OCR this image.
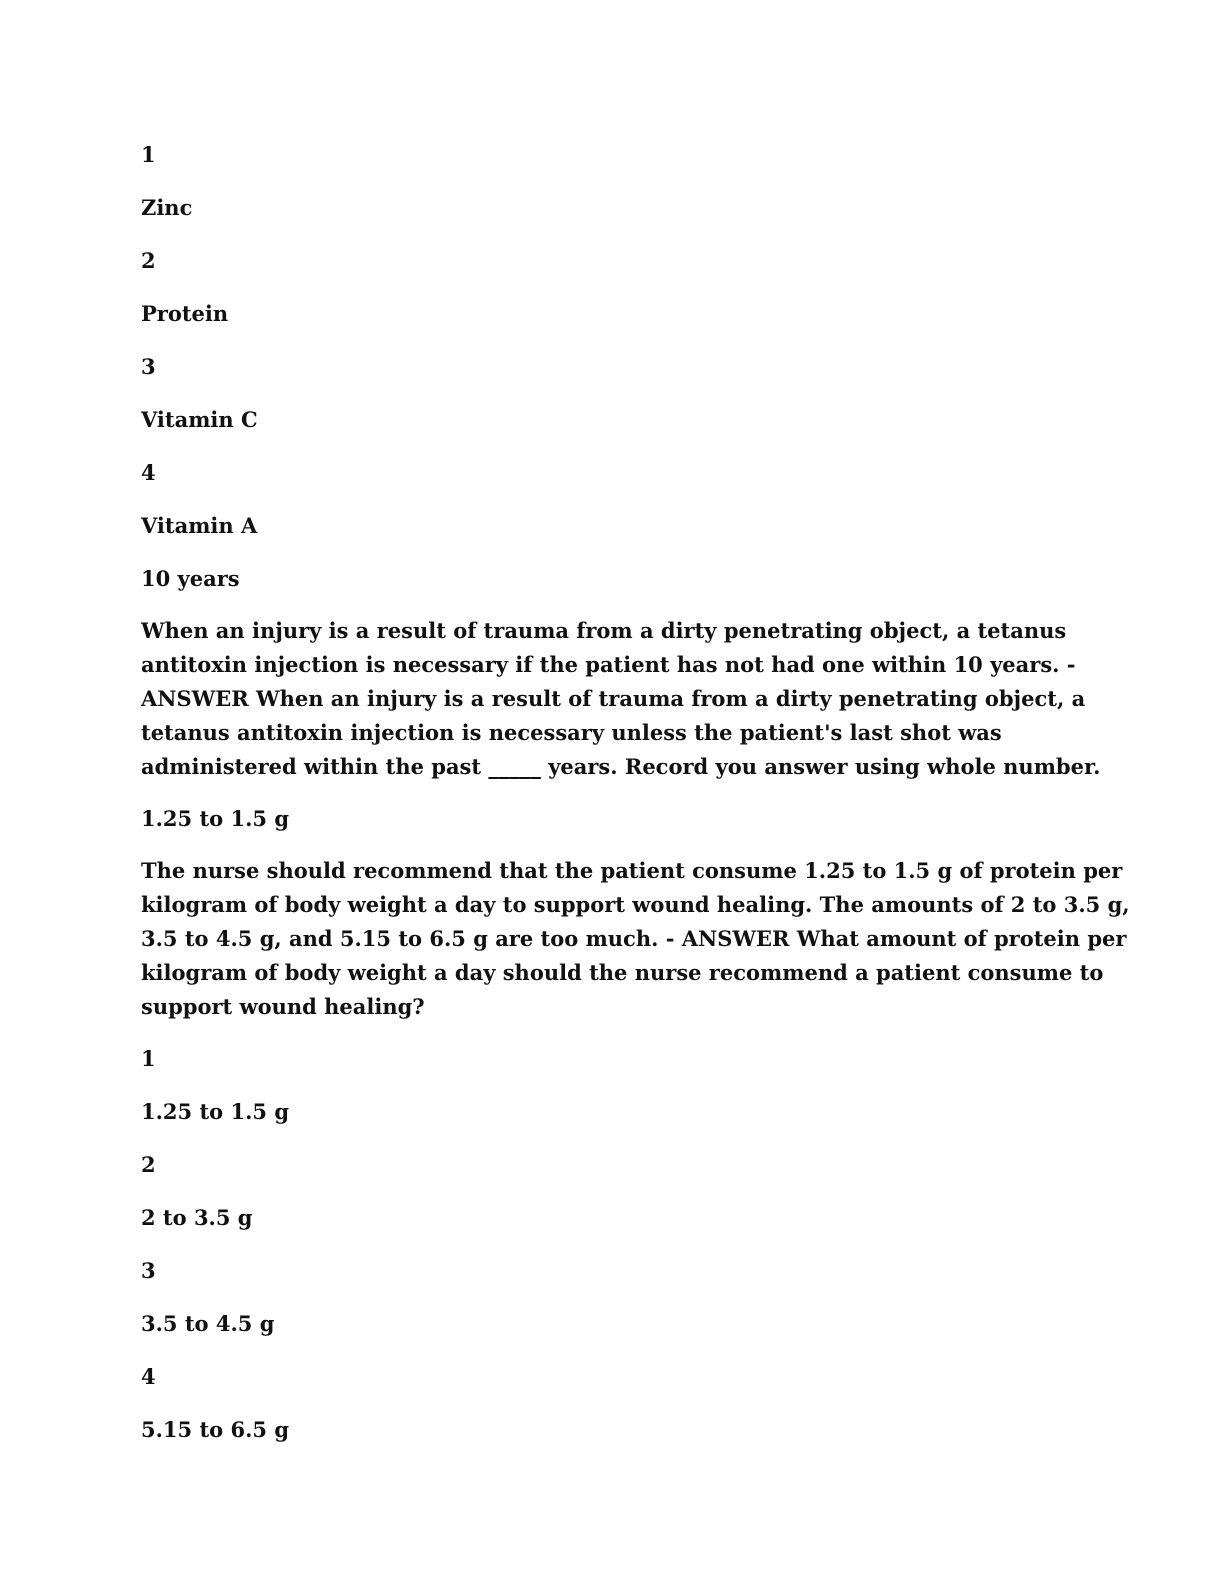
1

Zinc

2

Protein

3

Vitamin C

4

Vitamin A

10 years

When an injury is a result of trauma from a dirty penetrating object, a tetanus

antitoxin injection is necessary if the patient has not had one within 10 years. -

ANSWER When an injury is a result of trauma from a dirty penetrating object, a

tetanus antitoxin injection is necessary unless the patient's last shot was

administered within the past _____ years. Record you answer using whole number.

1.25 to 1.5 g

The nurse should recommend that the patient consume 1.25 to 1.5 g of protein per

kilogram of body weight a day to support wound healing. The amounts of 2 to 3.5 g,

3.5 to 4.5 g, and 5.15 to 6.5 g are too much. - ANSWER What amount of protein per

kilogram of body weight a day should the nurse recommend a patient consume to

support wound healing?

1

1.25 to 1.5 g

2

2 to 3.5 g

3

3.5 to 4.5 g

4

5.15 to 6.5 g
